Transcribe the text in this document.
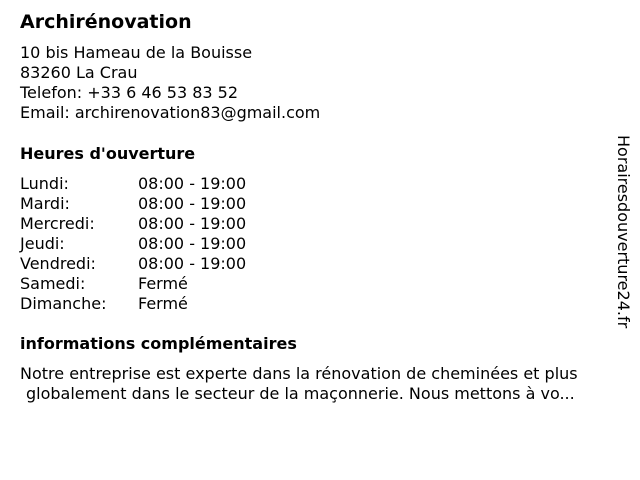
Archirénovation
10 bis Hameau de la Bouisse
83260 La Crau
Telefon: +33 6 46 53 83 52
Email: archirenovation83@gmail.com
Heures d'ouverture
Lundi:	08:00 - 19:00
Mardi:	08:00 - 19:00
Mercredi:	08:00 - 19:00
Jeudi:	08:00 - 19:00
Vendredi:	08:00 - 19:00
Samedi:	Fermé
Dimanche: Fermé
informations complémentaires
Notre entreprise est experte dans la rénovation de cheminées et plus
globalement dans le secteur de la maçonnerie. Nous mettons à vo...
Horairesdouverture24.fr
